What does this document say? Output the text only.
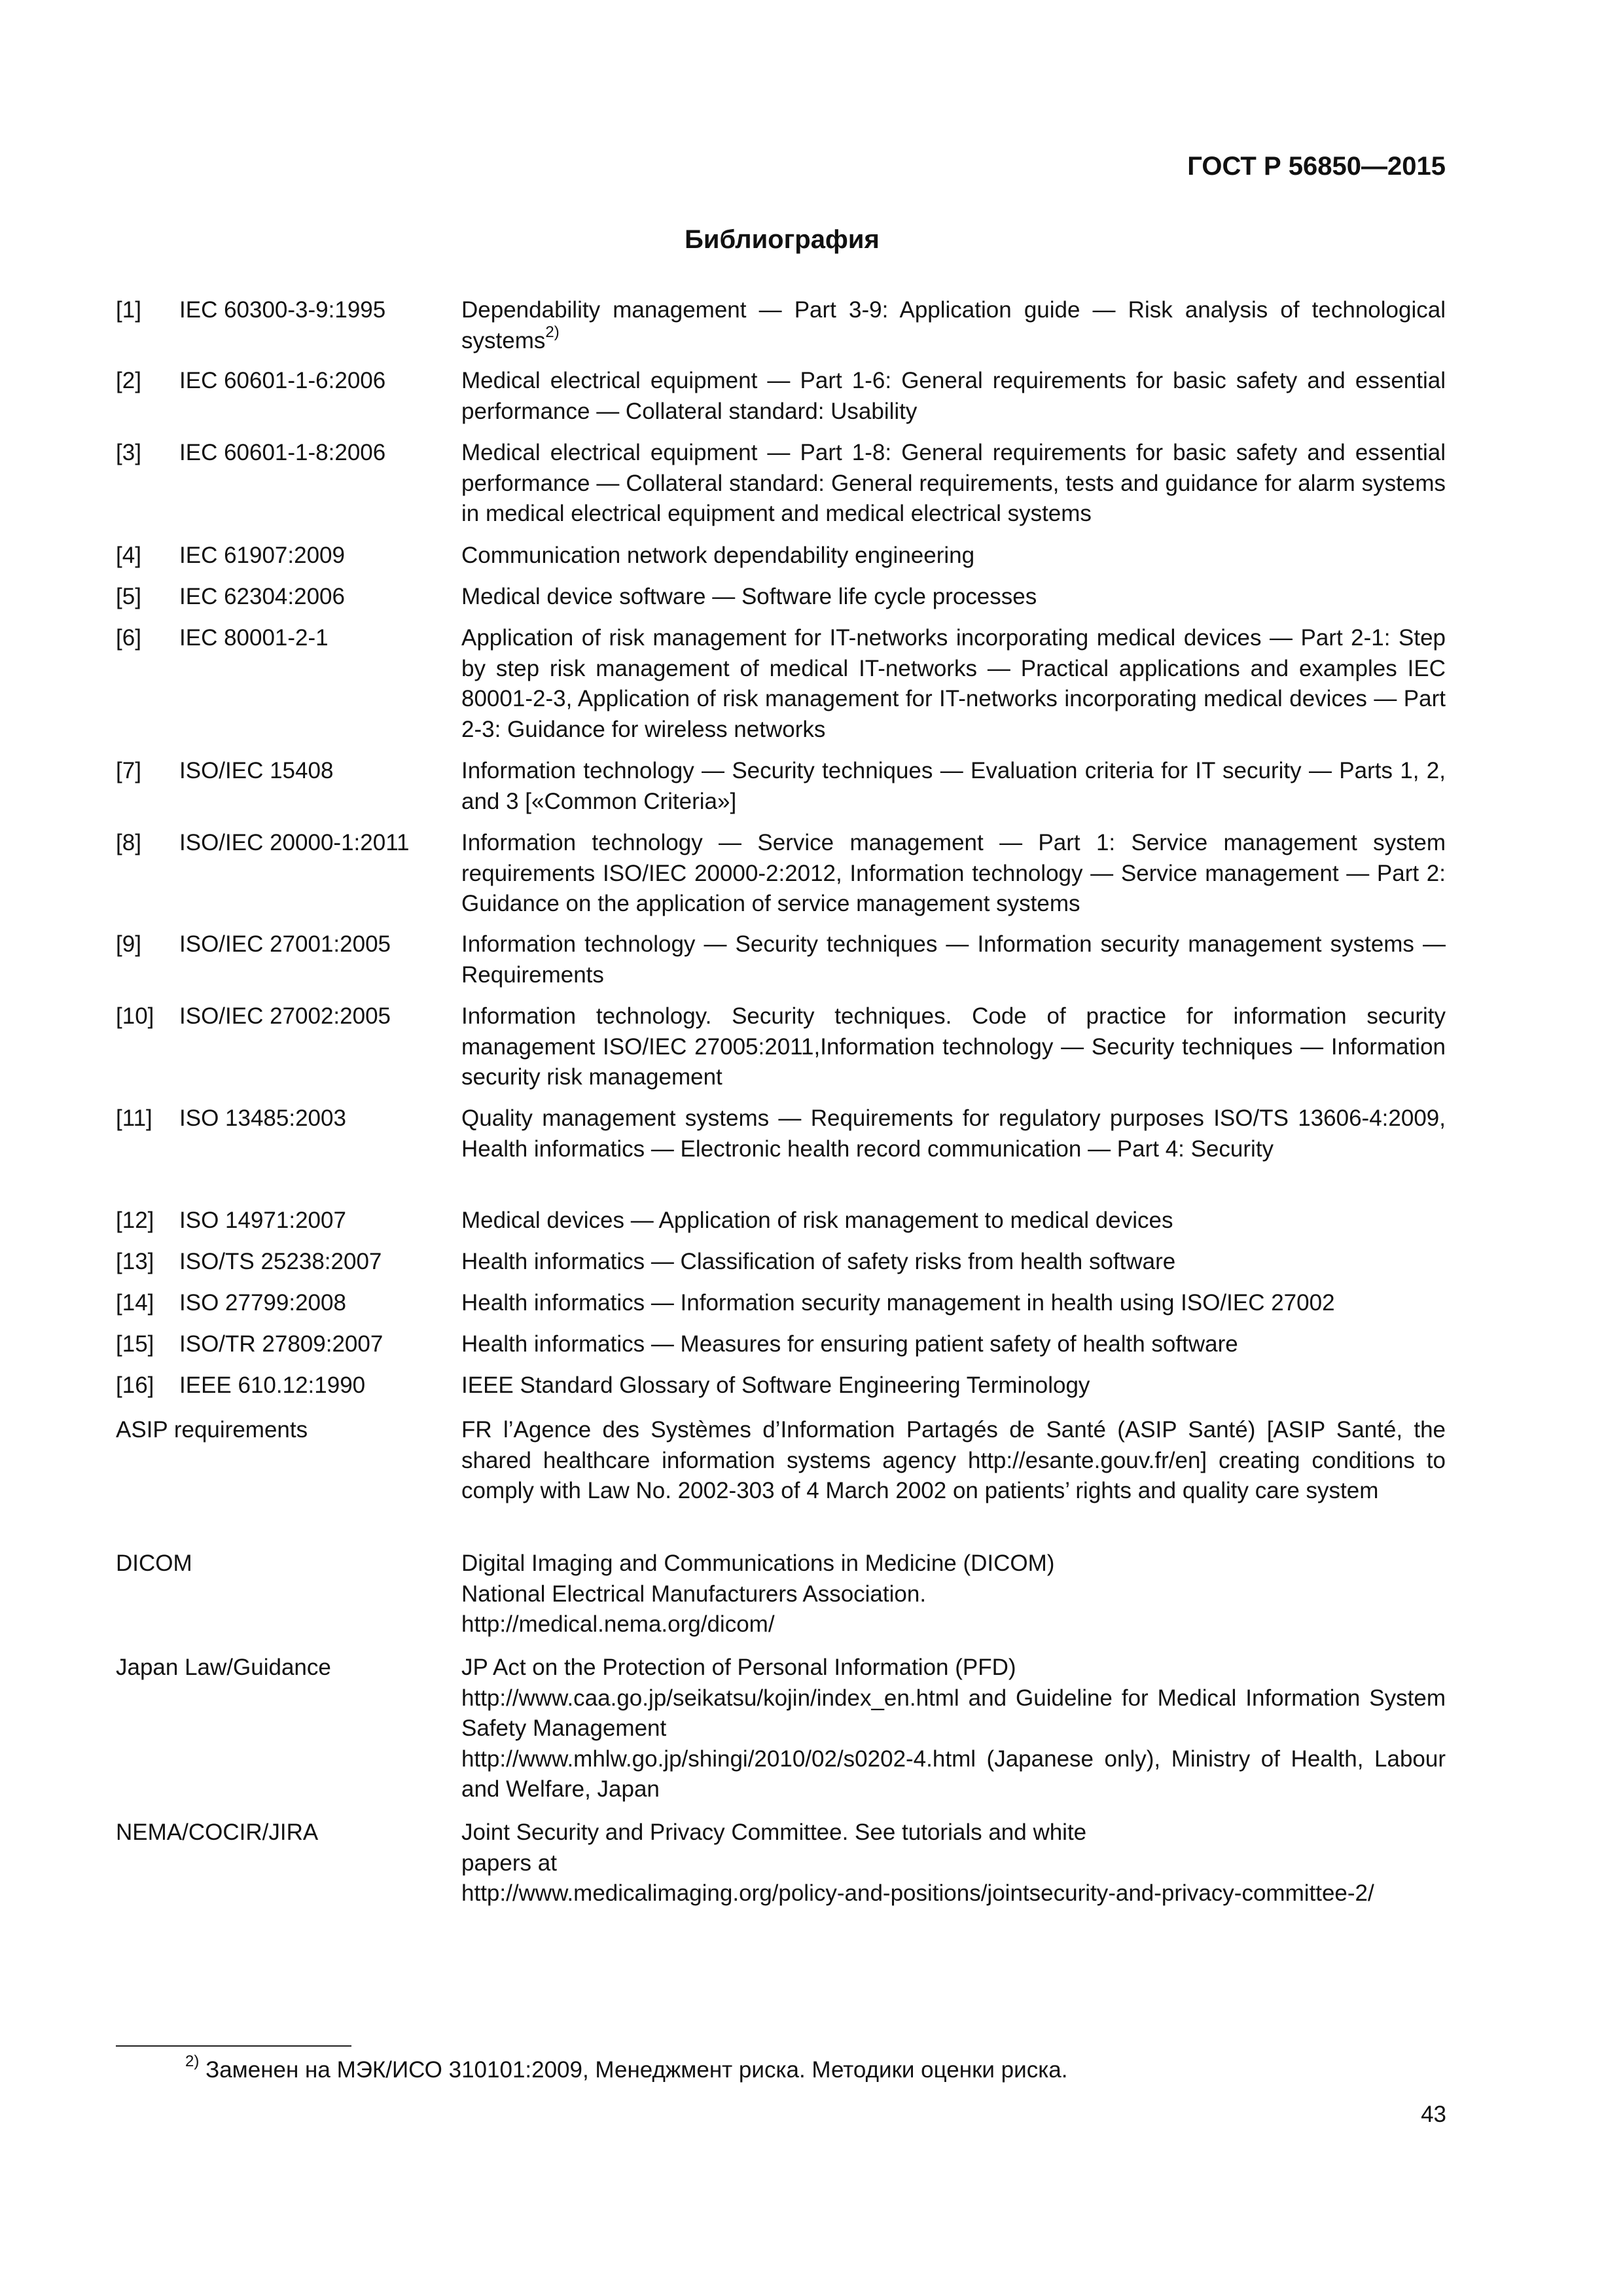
ГОСТ Р 56850—2015
Библиография
[1] IEC 60300-3-9:1995	Dependability management — Part 3-9: Application guide — Risk analysis of technological systems$^{2)}$
[2] IEC 60601-1-6:2006	Medical electrical equipment — Part 1-6: General requirements for basic safety and essential performance — Collateral standard: Usability
[3] IEC 60601-1-8:2006	Medical electrical equipment — Part 1-8: General requirements for basic safety and essential performance — Collateral standard: General requirements, tests and guidance for alarm systems in medical electrical equipment and medical electrical systems
[4] IEC 61907:2009	Communication network dependability engineering
[5] IEC 62304:2006	Medical device software — Software life cycle processes
[6] IEC 80001-2-1	Application of risk management for IT-networks incorporating medical devices — Part 2-1: Step by step risk management of medical IT-networks — Practical applications and examples IEC 80001-2-3, Application of risk management for IT-networks incorporating medical devices — Part 2-3: Guidance for wireless networks
[7] ISO/IEC 15408	Information technology — Security techniques — Evaluation criteria for IT security — Parts 1, 2, and 3 [«Common Criteria»]
[8] ISO/IEC 20000-1:2011 Information technology — Service management — Part 1: Service management system requirements ISO/IEC 20000-2:2012, Information technology — Service management — Part 2: Guidance on the application of service management systems
[9] ISO/IEC 27001:2005	Information technology — Security techniques — Information security management systems — Requirements
[10] ISO/IEC 27002:2005	Information technology. Security techniques. Code of practice for information security management ISO/IEC 27005:2011,Information technology — Security techniques — Information security risk management
[11] ISO 13485:2003	Quality management systems — Requirements for regulatory purposes ISO/TS 13606-4:2009, Health informatics — Electronic health record communication — Part 4: Security
[12] ISO 14971:2007	Medical devices — Application of risk management to medical devices
[13] ISO/TS 25238:2007	Health informatics — Classification of safety risks from health software
[14] ISO 27799:2008	Health informatics — Information security management in health using ISO/IEC 27002
[15] ISO/TR 27809:2007	Health informatics — Measures for ensuring patient safety of health software
[16] IEEE 610.12:1990	IEEE Standard Glossary of Software Engineering Terminology
ASIP requirements	FR l’Agence des Systèmes d’Information Partagés de Santé (ASIP Santé) [ASIP Santé, the shared healthcare information systems agency http://esante.gouv.fr/en] creating conditions to comply with Law No. 2002-303 of 4 March 2002 on patients’ rights and quality care system
DICOM	Digital Imaging and Communications in Medicine (DICOM)
National Electrical Manufacturers Association.
http://medical.nema.org/dicom/
Japan Law/Guidance	JP Act on the Protection of Personal Information (PFD)
http://www.caa.go.jp/seikatsu/kojin/index_en.html and Guideline for Medical Information System Safety Management
http://www.mhlw.go.jp/shingi/2010/02/s0202-4.html (Japanese only), Ministry of Health, Labour and Welfare, Japan
NEMA/COCIR/JIRA	Joint Security and Privacy Committee. See tutorials and white
papers at
http://www.medicalimaging.org/policy-and-positions/jointsecurity-and-privacy-committee-2/
$^{2)}$ Заменен на МЭК/ИСО 310101:2009, Менеджмент риска. Методики оценки риска.
43
